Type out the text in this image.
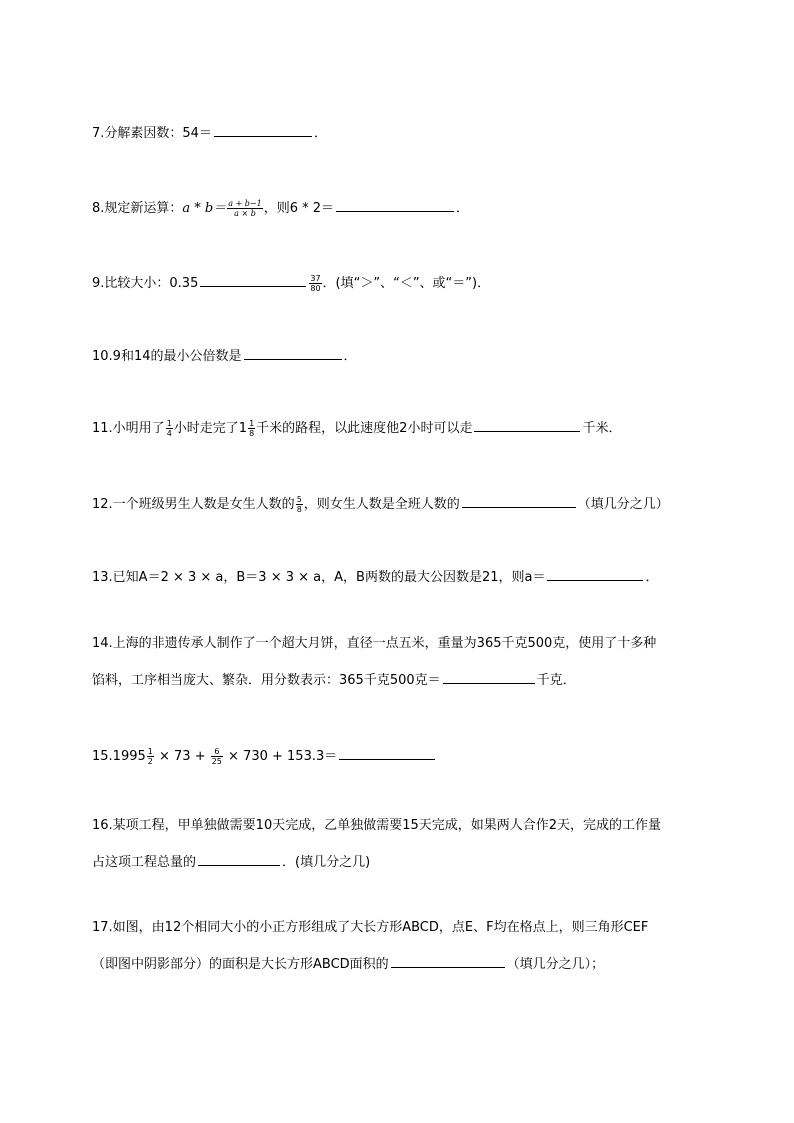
7.分解素因数：54＝	．
8.规定新运算：$a * b= \frac{a + b-1}{a \times b}$ ，则6 * 2＝	．
9.比较大小：0.35	$\frac{37}{80}$ ．(填“＞”、“＜”、或“＝”)．
10.9和14的最小公倍数是	．
11.小明用了 $\frac{1}{4}$ 小时走完了$1 \frac{1}{8}$ 千米的路程，以此速度他2小时可以走	千米．
12.一个班级男生人数是女生人数的 $\frac{5}{8}$ ，则女生人数是全班人数的	（填几分之几）
13.已知A＝2 × 3 × a，B＝3 × 3 × a，A，B两数的最大公因数是21，则a＝	．
14.上海的非遗传承人制作了一个超大月饼，直径一点五米，重量为365千克500克，使用了十多种
馅料，工序相当庞大、繁杂．用分数表示：365千克500克＝	千克．
$15.1995 \frac{1}{2} \times 73 + \frac{6}{25} \times 730 + 153.3=$
16.某项工程，甲单独做需要10天完成，乙单独做需要15天完成，如果两人合作2天，完成的工作量
占这项工程总量的	．(填几分之几)
17.如图，由12个相同大小的小正方形组成了大长方形ABCD，点E、F均在格点上，则三角形CEF
（即图中阴影部分）的面积是大长方形ABCD面积的	（填几分之几）；
